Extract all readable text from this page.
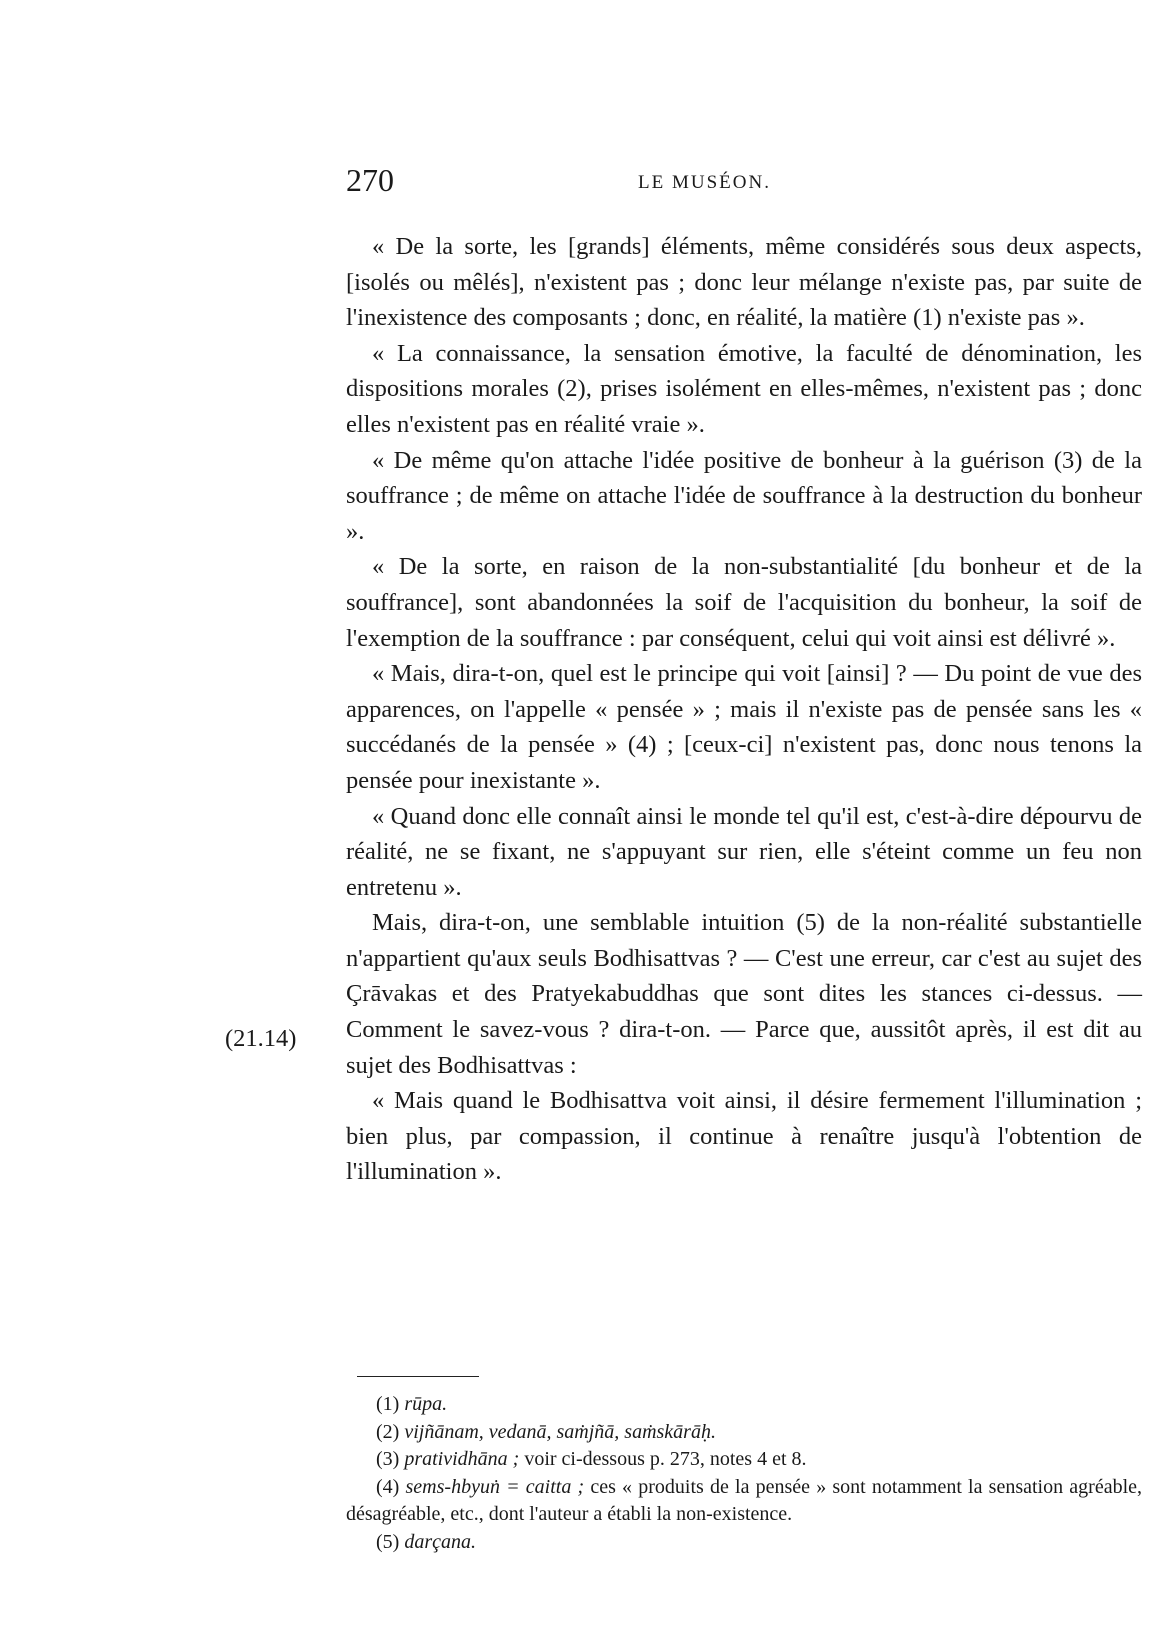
270	LE MUSÉON.

« De la sorte, les [grands] éléments, même considérés sous deux aspects, [isolés ou mêlés], n'existent pas ; donc leur mélange n'existe pas, par suite de l'inexistence des composants ; donc, en réalité, la matière (1) n'existe pas ».

« La connaissance, la sensation émotive, la faculté de dénomination, les dispositions morales (2), prises isolément en elles-mêmes, n'existent pas ; donc elles n'existent pas en réalité vraie ».

« De même qu'on attache l'idée positive de bonheur à la guérison (3) de la souffrance ; de même on attache l'idée de souffrance à la destruction du bonheur ».

« De la sorte, en raison de la non-substantialité [du bonheur et de la souffrance], sont abandonnées la soif de l'acquisition du bonheur, la soif de l'exemption de la souffrance : par conséquent, celui qui voit ainsi est délivré ».

« Mais, dira-t-on, quel est le principe qui voit [ainsi] ? — Du point de vue des apparences, on l'appelle « pensée » ; mais il n'existe pas de pensée sans les « succédanés de la pensée » (4) ; [ceux-ci] n'existent pas, donc nous tenons la pensée pour inexistante ».

« Quand donc elle connaît ainsi le monde tel qu'il est, c'est-à-dire dépourvu de réalité, ne se fixant, ne s'appuyant sur rien, elle s'éteint comme un feu non entretenu ».

Mais, dira-t-on, une semblable intuition (5) de la non-réalité substantielle n'appartient qu'aux seuls Bodhisattvas ? — C'est une erreur, car c'est au sujet des Çrāvakas et des Pratyekabuddhas que sont dites les stances ci-dessus. — Comment le savez-vous ? dira-t-on. — Parce que, aussitôt après, il est dit au sujet des Bodhisattvas :

« Mais quand le Bodhisattva voit ainsi, il désire fermement l'illumination ; bien plus, par compassion, il continue à renaître jusqu'à l'obtention de l'illumination ».

(21.14)

(1) rūpa.

(2) vijñānam, vedanā, saṁjñā, saṁskārāḥ.

(3) pratividhāna ; voir ci-dessous p. 273, notes 4 et 8.

(4) sems-hbyuṅ = caitta ; ces « produits de la pensée » sont notamment la sensation agréable, désagréable, etc., dont l'auteur a établi la non-existence.

(5) darçana.
